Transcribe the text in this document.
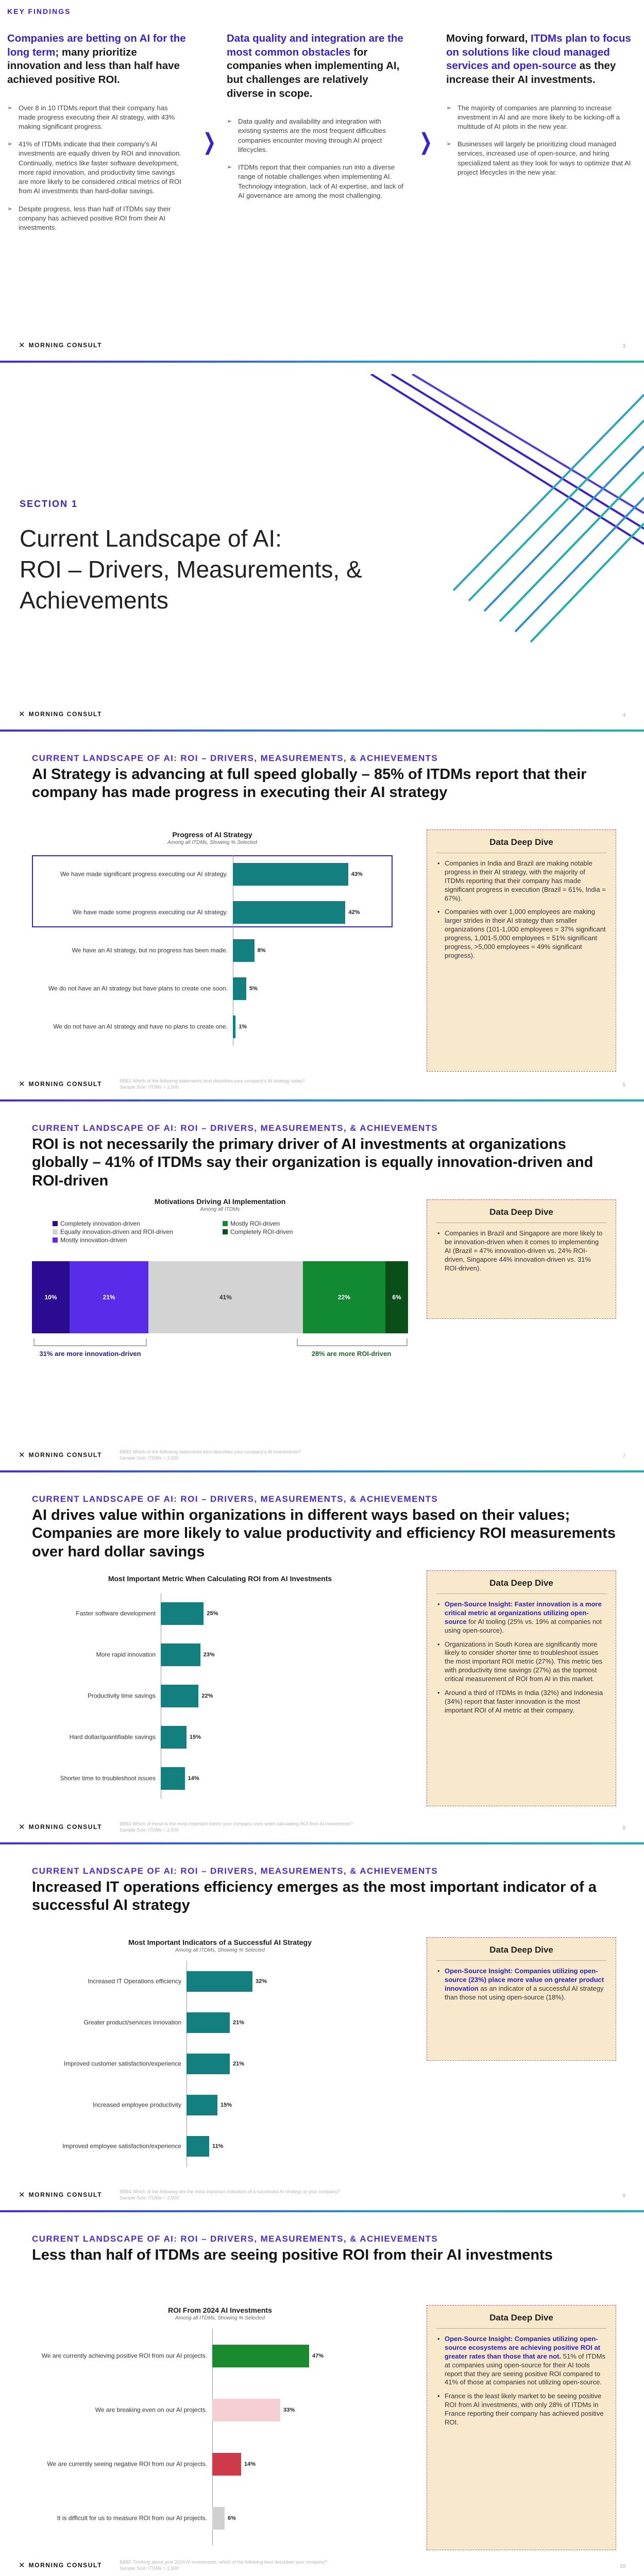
KEY FINDINGS
Companies are betting on AI for the long term; many prioritize innovation and less than half have achieved positive ROI.
➢ Over 8 in 10 ITDMs report that their company has made progress executing their AI strategy, with 43% making significant progress.
➢ 41% of ITDMs indicate that their company's AI investments are equally driven by ROI and innovation. Continually, metrics like faster software development, more rapid innovation, and productivity time savings are more likely to be considered critical metrics of ROI from AI investments than hard-dollar savings.
➢ Despite progress, less than half of ITDMs say their company has achieved positive ROI from their AI investments.
❯
Data quality and integration are the most common obstacles for companies when implementing AI, but challenges are relatively diverse in scope.
➢ Data quality and availability and integration with existing systems are the most frequent difficulties companies encounter moving through AI project lifecycles.
➢ ITDMs report that their companies run into a diverse range of notable challenges when implementing AI. Technology integration, lack of AI expertise, and lack of AI governance are among the most challenging.
❯
Moving forward, ITDMs plan to focus on solutions like cloud managed services and open-source as they increase their AI investments.
➢ The majority of companies are planning to increase investment in AI and are more likely to be kicking-off a multitude of AI pilots in the new year.
➢ Businesses will largely be prioritizing cloud managed services, increased use of open-source, and hiring specialized talent as they look for ways to optimize that AI project lifecycles in the new year.
✕ MORNING CONSULT	3
SECTION 1
Current Landscape of AI:
ROI – Drivers, Measurements, &
Achievements
✕ MORNING CONSULT	4
CURRENT LANDSCAPE OF AI: ROI – DRIVERS, MEASUREMENTS, & ACHIEVEMENTS
AI Strategy is advancing at full speed globally – 85% of ITDMs report that their company has made progress in executing their AI strategy
Progress of AI Strategy
Among all ITDMs, Showing % Selected
We have made significant progress executing our AI strategy.	43%
We have made some progress executing our AI strategy.	42%
We have an AI strategy, but no progress has been made.	8%
We do not have an AI strategy but have plans to create one soon.	5%
We do not have an AI strategy and have no plans to create one. 1%
Data Deep Dive
• Companies in India and Brazil are making notable progress in their AI strategy, with the majority of ITDMs reporting that their company has made significant progress in execution (Brazil = 61%, India = 67%).
• Companies with over 1,000 employees are making larger strides in their AI strategy than smaller organizations (101-1,000 employees = 37% significant progress, 1,001-5,000 employees = 51% significant progress, >5,000 employees = 49% significant progress).
✕ MORNING CONSULT	BBB1 Which of the following statements best describes your company's AI strategy today?
Sample Size: ITDMs = 2,500	5
CURRENT LANDSCAPE OF AI: ROI – DRIVERS, MEASUREMENTS, & ACHIEVEMENTS
ROI is not necessarily the primary driver of AI investments at organizations globally – 41% of ITDMs say their organization is equally innovation-driven and ROI-driven
Motivations Driving AI Implementation
Among all ITDMs
Completely innovation-driven	Mostly ROI-driven
Equally innovation-driven and ROI-driven	Completely ROI-driven
Mostly innovation-driven
10%	21%	41%	22%	6%
31% are more innovation-driven	28% are more ROI-driven
Data Deep Dive
• Companies in Brazil and Singapore are more likely to be innovation-driven when it comes to implementing AI (Brazil = 47% innovation-driven vs. 24% ROI-driven, Singapore 44% innovation-driven vs. 31% ROI-driven).
✕ MORNING CONSULT	BBB2 Which of the following statements best describes your company's AI investments?
Sample Size: ITDMs = 2,500	7
CURRENT LANDSCAPE OF AI: ROI – DRIVERS, MEASUREMENTS, & ACHIEVEMENTS
AI drives value within organizations in different ways based on their values; Companies are more likely to value productivity and efficiency ROI measurements over hard dollar savings
Most Important Metric When Calculating ROI from AI Investments
Faster software development	25%
More rapid innovation	23%
Productivity time savings	22%
Hard dollar/quantifiable savings	15%
Shorter time to troubleshoot issues	14%
Data Deep Dive
• Open-Source Insight: Faster innovation is a more critical metric at organizations utilizing open-source for AI tooling (25% vs. 19% at companies not using open-source).
• Organizations in South Korea are significantly more likely to consider shorter time to troubleshoot issues the most important ROI metric (27%). This metric ties with productivity time savings (27%) as the topmost critical measurement of ROI from AI in this market.
• Around a third of ITDMs in India (32%) and Indonesia (34%) report that faster innovation is the most important ROI of AI metric at their company.
✕ MORNING CONSULT	BBB3 Which of these is the most important metric your company uses when calculating ROI from AI investments?
Sample Size: ITDMs = 2,500	8
CURRENT LANDSCAPE OF AI: ROI – DRIVERS, MEASUREMENTS, & ACHIEVEMENTS
Increased IT operations efficiency emerges as the most important indicator of a successful AI strategy
Most Important Indicators of a Successful AI Strategy
Among all ITDMs, Showing % Selected
Increased IT Operations efficiency	32%
Greater product/services innovation	21%
Improved customer satisfaction/experience	21%
Increased employee productivity	15%
Improved employee satisfaction/experience	11%
Data Deep Dive
• Open-Source Insight: Companies utilizing open-source (23%) place more value on greater product innovation as an indicator of a successful AI strategy than those not using open-source (18%).
✕ MORNING CONSULT	BBB4 Which of the following are the most important indicators of a successful AI strategy at your company?
Sample Size: ITDMs = 2,500	9
CURRENT LANDSCAPE OF AI: ROI – DRIVERS, MEASUREMENTS, & ACHIEVEMENTS
Less than half of ITDMs are seeing positive ROI from their AI investments
ROI From 2024 AI Investments
Among all ITDMs, Showing % Selected
We are currently achieving positive ROI from our AI projects.	47%
We are breaking even on our AI projects.	33%
We are currently seeing negative ROI from our AI projects.	14%
It is difficult for us to measure ROI from our AI projects.	6%
Data Deep Dive
• Open-Source Insight: Companies utilizing open-source ecosystems are achieving positive ROI at greater rates than those that are not. 51% of ITDMs at companies using open-source for their AI tools report that they are seeing positive ROI compared to 41% of those at companies not utilizing open-source.
• France is the least likely market to be seeing positive ROI from AI investments, with only 28% of ITDMs in France reporting their company has achieved positive ROI.
✕ MORNING CONSULT	BBB5 Thinking about your 2024 AI investments, which of the following best describes your company?
Sample Size: ITDMs = 2,500	10
